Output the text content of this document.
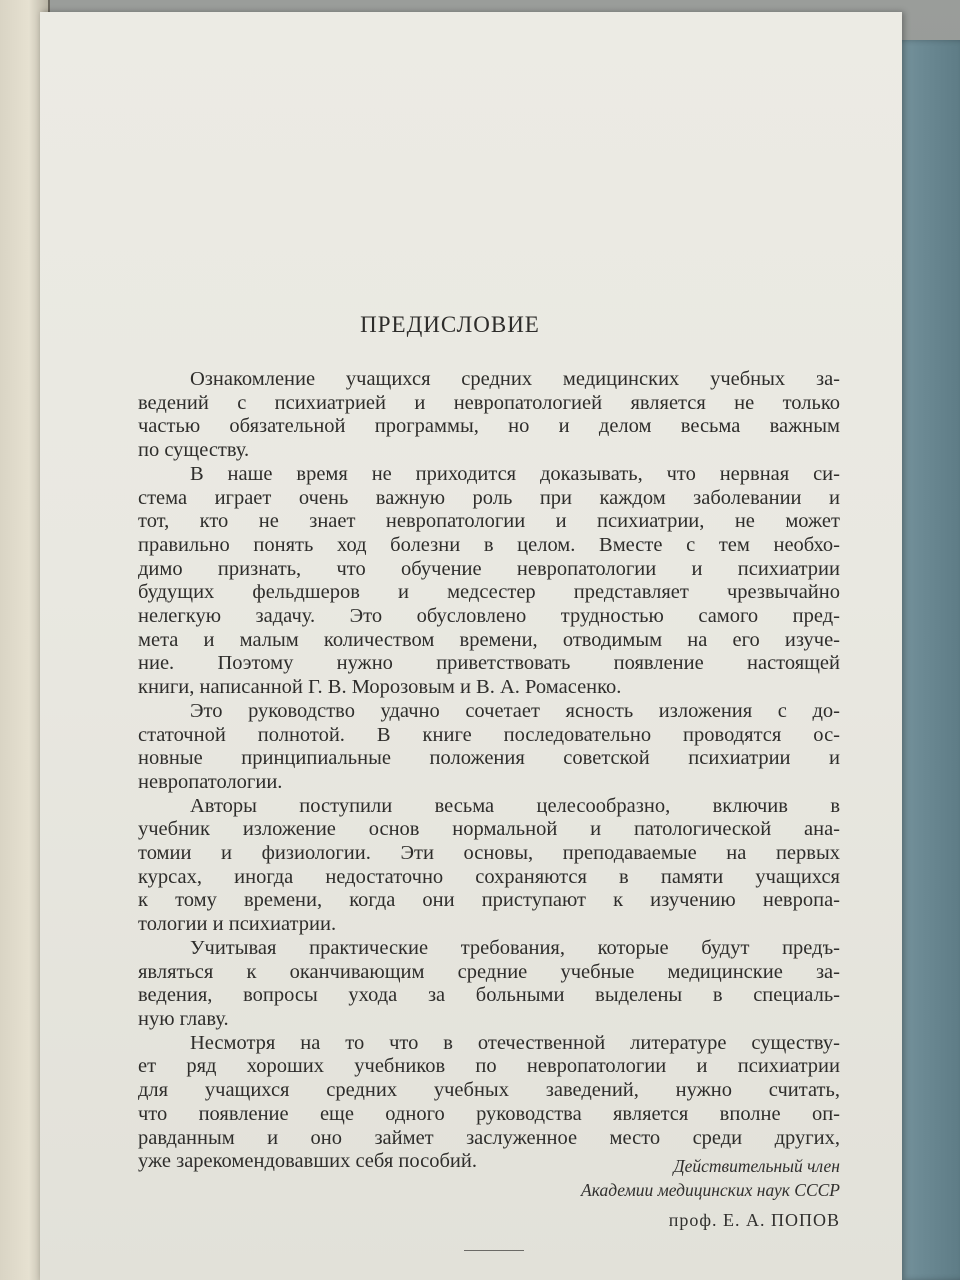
ПРЕДИСЛОВИЕ
Ознакомление учащихся средних медицинских учебных за-
ведений с психиатрией и невропатологией является не только
частью обязательной программы, но и делом весьма важным
по существу.
В наше время не приходится доказывать, что нервная си-
стема играет очень важную роль при каждом заболевании и
тот, кто не знает невропатологии и психиатрии, не может
правильно понять ход болезни в целом. Вместе с тем необхо-
димо признать, что обучение невропатологии и психиатрии
будущих фельдшеров и медсестер представляет чрезвычайно
нелегкую задачу. Это обусловлено трудностью самого пред-
мета и малым количеством времени, отводимым на его изуче-
ние. Поэтому нужно приветствовать появление настоящей
книги, написанной Г. В. Морозовым и В. А. Ромасенко.
Это руководство удачно сочетает ясность изложения с до-
статочной полнотой. В книге последовательно проводятся ос-
новные принципиальные положения советской психиатрии и
невропатологии.
Авторы поступили весьма целесообразно, включив в
учебник изложение основ нормальной и патологической ана-
томии и физиологии. Эти основы, преподаваемые на первых
курсах, иногда недостаточно сохраняются в памяти учащихся
к тому времени, когда они приступают к изучению невропа-
тологии и психиатрии.
Учитывая практические требования, которые будут предъ-
являться к оканчивающим средние учебные медицинские за-
ведения, вопросы ухода за больными выделены в специаль-
ную главу.
Несмотря на то что в отечественной литературе существу-
ет ряд хороших учебников по невропатологии и психиатрии
для учащихся средних учебных заведений, нужно считать,
что появление еще одного руководства является вполне оп-
равданным и оно займет заслуженное место среди других,
уже зарекомендовавших себя пособий.	Действительный член
Академии медицинских наук СССР
проф. Е. А. ПОПОВ
